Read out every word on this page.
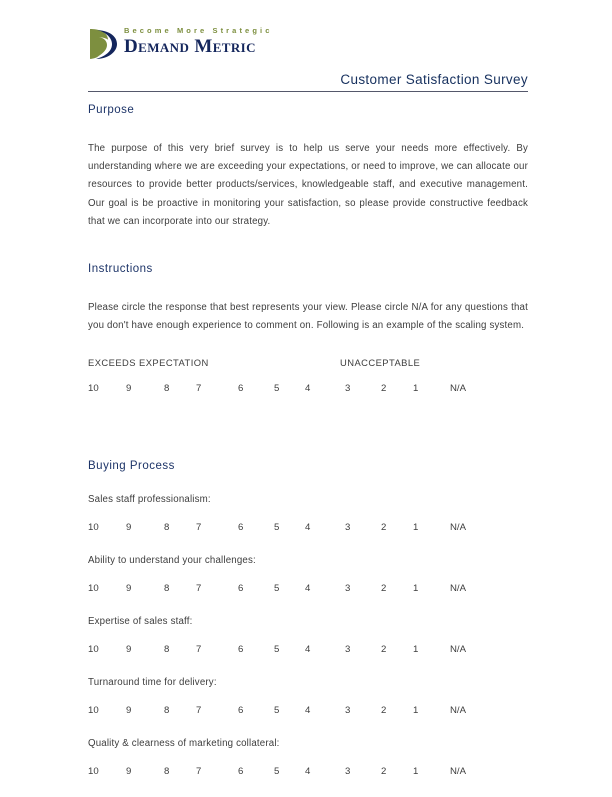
Become More Strategic
Demand Metric
Customer Satisfaction Survey
Purpose

The purpose of this very brief survey is to help us serve your needs more effectively. By understanding where we are exceeding your expectations, or need to improve, we can allocate our resources to provide better products/services, knowledgeable staff, and executive management. Our goal is be proactive in monitoring your satisfaction, so please provide constructive feedback that we can incorporate into our strategy.

Instructions

Please circle the response that best represents your view. Please circle N/A for any questions that you don't have enough experience to comment on. Following is an example of the scaling system.

EXCEEDS EXPECTATION	UNACCEPTABLE
10	9	8	7	6	5	4	3	2	1	N/A
Buying Process
Sales staff professionalism:
10	9	8	7	6	5	4	3	2	1	N/A
Ability to understand your challenges:
10	9	8	7	6	5	4	3	2	1	N/A
Expertise of sales staff:
10	9	8	7	6	5	4	3	2	1	N/A
Turnaround time for delivery:
10	9	8	7	6	5	4	3	2	1	N/A
Quality & clearness of marketing collateral:
10	9	8	7	6	5	4	3	2	1	N/A
